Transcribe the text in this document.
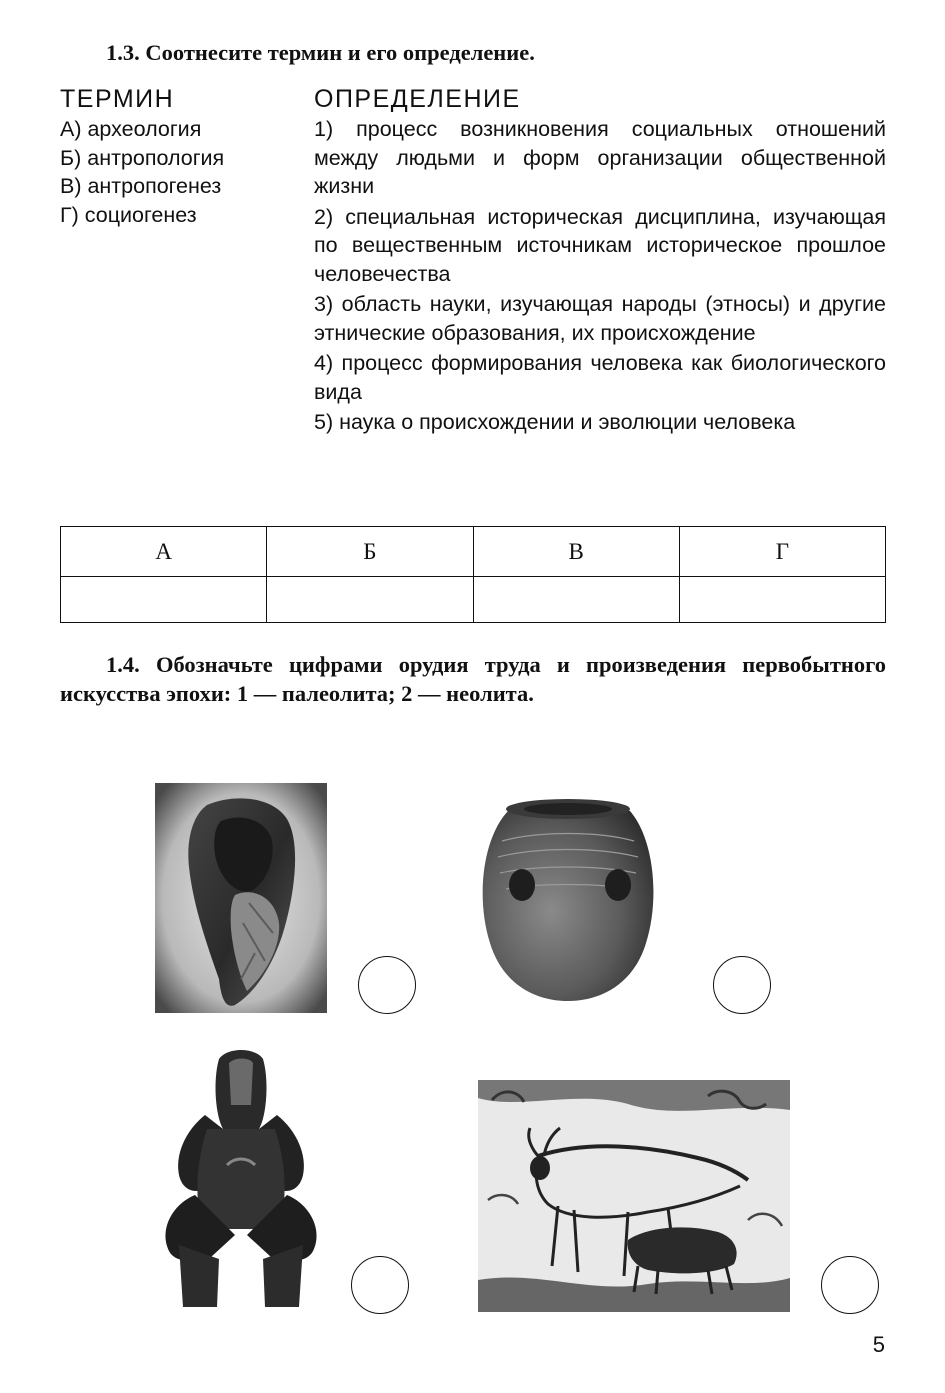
1.3. Соотнесите термин и его определение.
ТЕРМИН	ОПРЕДЕЛЕНИЕ
А) археология
Б) антропология
В) антропогенез
Г) социогенез
1) процесс возникновения социальных отношений между людьми и форм организации общественной жизни
2) специальная историческая дисциплина, изучающая по вещественным источникам историческое прошлое человечества
3) область науки, изучающая народы (этносы) и другие этнические образования, их происхождение
4) процесс формирования человека как биологического вида
5) наука о происхождении и эволюции человека
А	Б	В	Г

1.4. Обозначьте цифрами орудия труда и произведения первобытного искусства эпохи: 1 — палеолита; 2 — неолита.
5
